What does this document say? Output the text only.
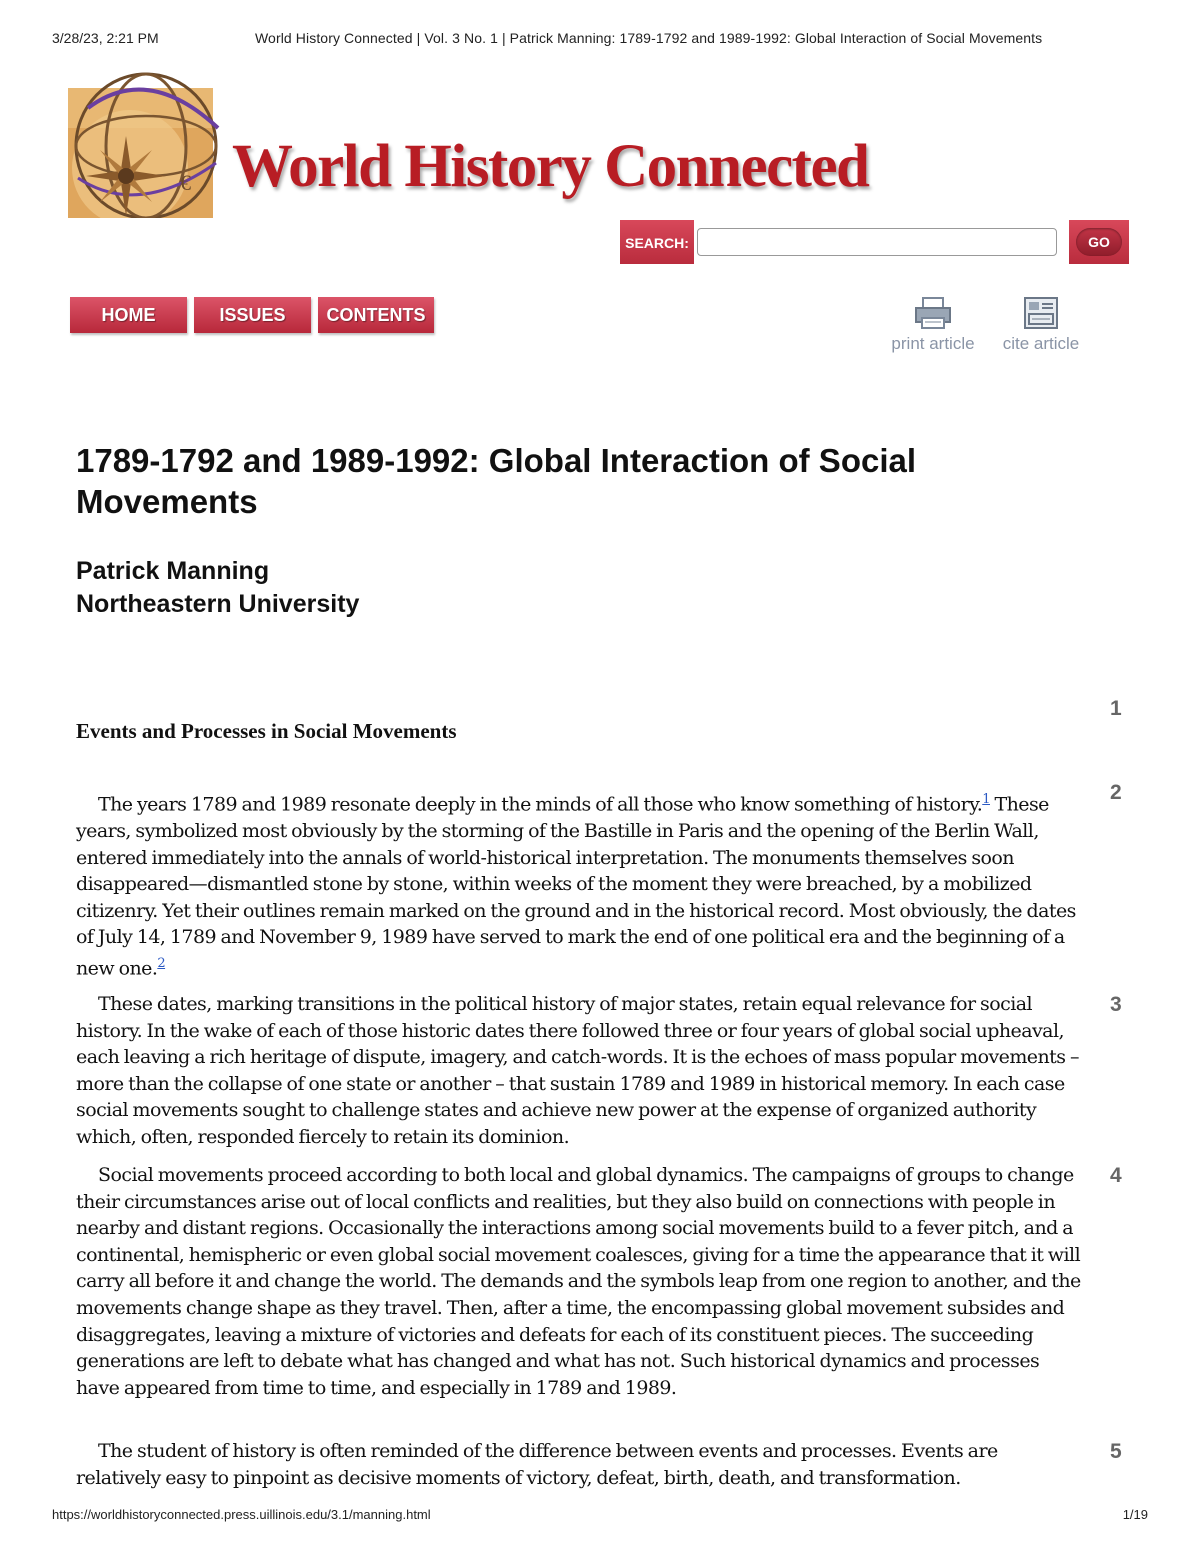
3/28/23, 2:21 PM	World History Connected | Vol. 3 No. 1 | Patrick Manning: 1789-1792 and 1989-1992: Global Interaction of Social Movements
€ World History Connected
SEARCH:	GO
HOME	ISSUES	CONTENTS
print article	cite article
1789-1792 and 1989-1992: Global Interaction of Social Movements
Patrick Manning
Northeastern University
1
2
3
4
5
Events and Processes in Social Movements

The years 1789 and 1989 resonate deeply in the minds of all those who know something of history.$^1$ These years, symbolized most obviously by the storming of the Bastille in Paris and the opening of the Berlin Wall, entered immediately into the annals of world-historical interpretation. The monuments themselves soon disappeared—dismantled stone by stone, within weeks of the moment they were breached, by a mobilized citizenry. Yet their outlines remain marked on the ground and in the historical record. Most obviously, the dates of July 14, 1789 and November 9, 1989 have served to mark the end of one political era and the beginning of a new one.$^2$

These dates, marking transitions in the political history of major states, retain equal relevance for social history. In the wake of each of those historic dates there followed three or four years of global social upheaval, each leaving a rich heritage of dispute, imagery, and catch-words. It is the echoes of mass popular movements – more than the collapse of one state or another – that sustain 1789 and 1989 in historical memory. In each case social movements sought to challenge states and achieve new power at the expense of organized authority which, often, responded fiercely to retain its dominion.

Social movements proceed according to both local and global dynamics. The campaigns of groups to change their circumstances arise out of local conflicts and realities, but they also build on connections with people in nearby and distant regions. Occasionally the interactions among social movements build to a fever pitch, and a continental, hemispheric or even global social movement coalesces, giving for a time the appearance that it will carry all before it and change the world. The demands and the symbols leap from one region to another, and the movements change shape as they travel. Then, after a time, the encompassing global movement subsides and disaggregates, leaving a mixture of victories and defeats for each of its constituent pieces. The succeeding generations are left to debate what has changed and what has not. Such historical dynamics and processes have appeared from time to time, and especially in 1789 and 1989.

The student of history is often reminded of the difference between events and processes. Events are relatively easy to pinpoint as decisive moments of victory, defeat, birth, death, and transformation.

https://worldhistoryconnected.press.uillinois.edu/3.1/manning.html	1/19
